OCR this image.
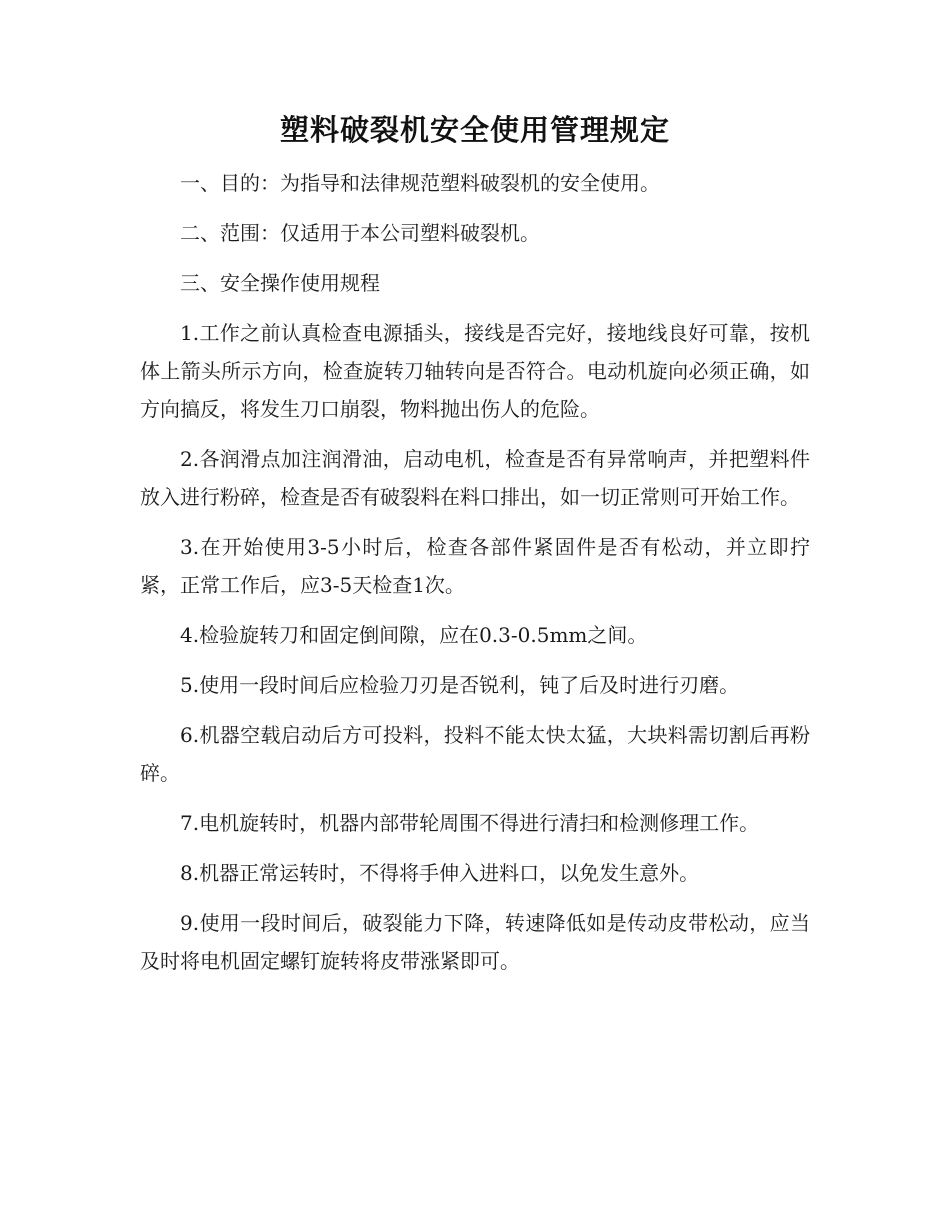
塑料破裂机安全使用管理规定

一、目的：为指导和法律规范塑料破裂机的安全使用。

二、范围：仅适用于本公司塑料破裂机。

三、安全操作使用规程

1.工作之前认真检查电源插头，接线是否完好，接地线良好可靠，按机体上箭头所示方向，检查旋转刀轴转向是否符合。电动机旋向必须正确，如方向搞反，将发生刀口崩裂，物料抛出伤人的危险。

2.各润滑点加注润滑油，启动电机，检查是否有异常响声，并把塑料件放入进行粉碎，检查是否有破裂料在料口排出，如一切正常则可开始工作。

3.在开始使用3-5小时后，检查各部件紧固件是否有松动，并立即拧紧，正常工作后，应3-5天检查1次。

4.检验旋转刀和固定倒间隙，应在0.3-0.5mm之间。

5.使用一段时间后应检验刀刃是否锐利，钝了后及时进行刃磨。

6.机器空载启动后方可投料，投料不能太快太猛，大块料需切割后再粉碎。

7.电机旋转时，机器内部带轮周围不得进行清扫和检测修理工作。

8.机器正常运转时，不得将手伸入进料口，以免发生意外。

9.使用一段时间后，破裂能力下降，转速降低如是传动皮带松动，应当及时将电机固定螺钉旋转将皮带涨紧即可。
